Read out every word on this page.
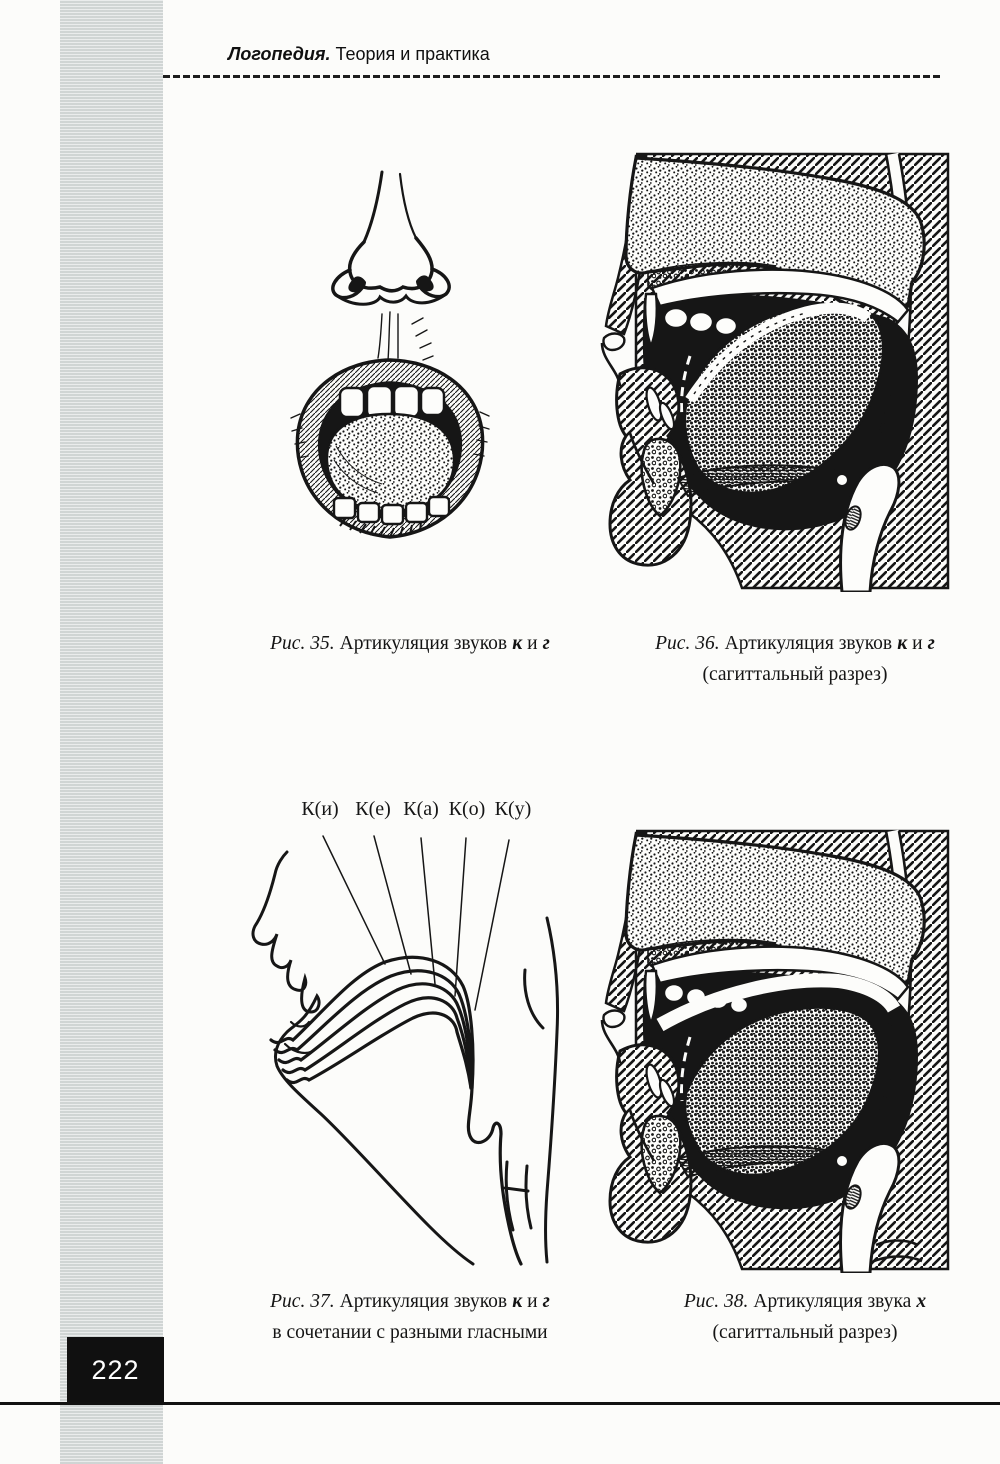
Логопедия. Теория и практика
Рис. 35. Артикуляция звуков к и г	Рис. 36. Артикуляция звуков к и г
(сагиттальный разрез)
К(и) К(е) К(а) К(о) К(у)
Рис. 37. Артикуляция звуков к и г
в сочетании с разными гласными
Рис. 38. Артикуляция звука х
(сагиттальный разрез)
222
